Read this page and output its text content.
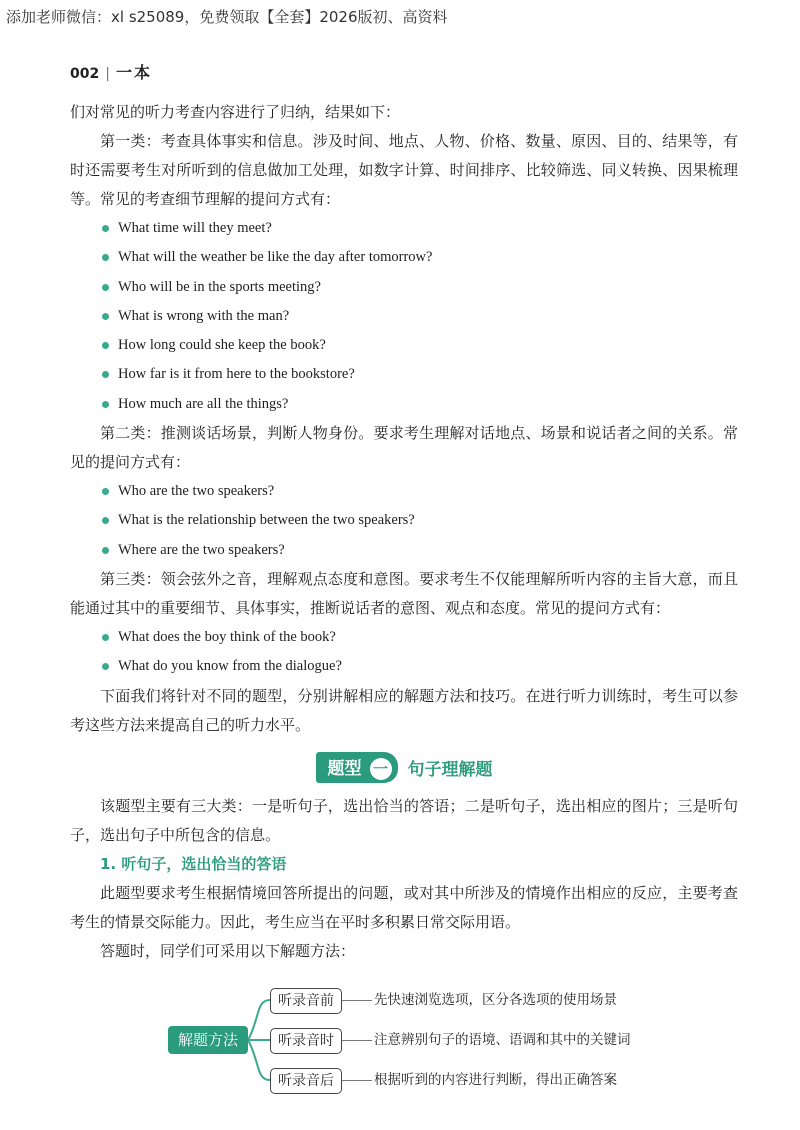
添加老师微信：xl s25089，免费领取【全套】2026版初、高资料
002 | 一本

们对常见的听力考查内容进行了归纳，结果如下：

第一类：考查具体事实和信息。涉及时间、地点、人物、价格、数量、原因、目的、结果等，有时还需要考生对所听到的信息做加工处理，如数字计算、时间排序、比较筛选、同义转换、因果梳理等。常见的考查细节理解的提问方式有：

What time will they meet?
What will the weather be like the day after tomorrow?
Who will be in the sports meeting?
What is wrong with the man?
How long could she keep the book?
How far is it from here to the bookstore?
How much are all the things?

第二类：推测谈话场景，判断人物身份。要求考生理解对话地点、场景和说话者之间的关系。常见的提问方式有：

Who are the two speakers?
What is the relationship between the two speakers?
Where are the two speakers?

第三类：领会弦外之音，理解观点态度和意图。要求考生不仅能理解所听内容的主旨大意，而且能通过其中的重要细节、具体事实，推断说话者的意图、观点和态度。常见的提问方式有：

What does the boy think of the book?
What do you know from the dialogue?

下面我们将针对不同的题型，分别讲解相应的解题方法和技巧。在进行听力训练时，考生可以参考这些方法来提高自己的听力水平。

题型 一 句子理解题

该题型主要有三大类：一是听句子，选出恰当的答语；二是听句子，选出相应的图片；三是听句子，选出句子中所包含的信息。

1. 听句子，选出恰当的答语

此题型要求考生根据情境回答所提出的问题，或对其中所涉及的情境作出相应的反应，主要考查考生的情景交际能力。因此，考生应当在平时多积累日常交际用语。

答题时，同学们可采用以下解题方法：

解题方法
听录音前	先快速浏览选项，区分各选项的使用场景
听录音时	注意辨别句子的语境、语调和其中的关键词
听录音后	根据听到的内容进行判断，得出正确答案
